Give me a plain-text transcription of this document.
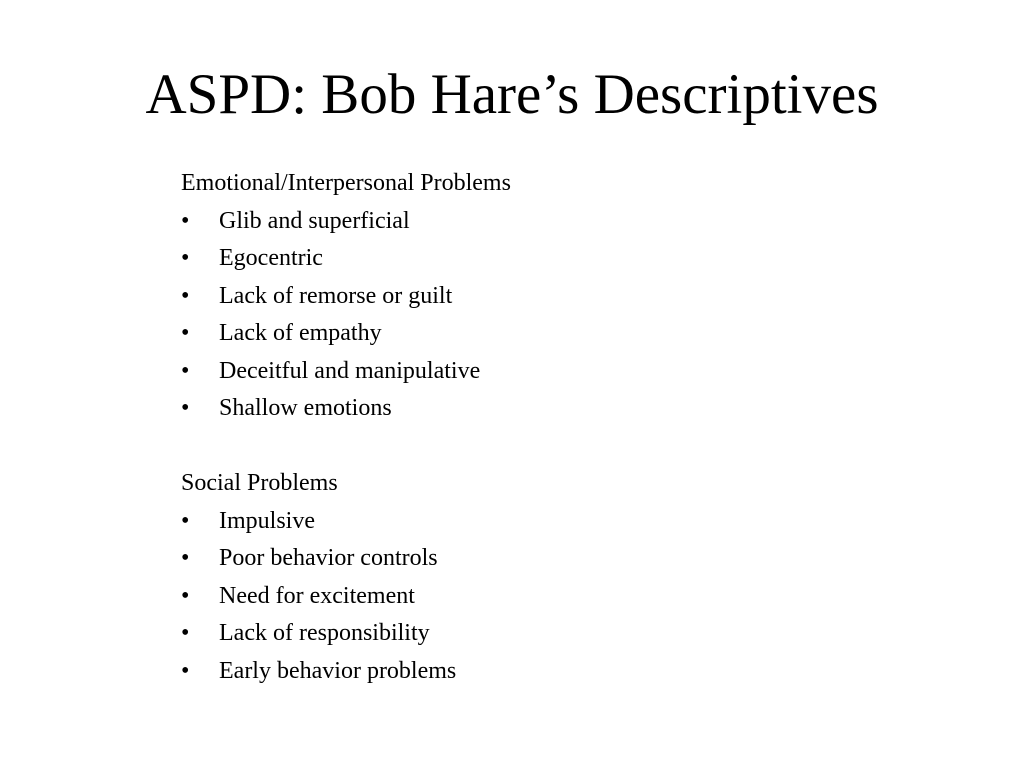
ASPD: Bob Hare’s Descriptives
Emotional/Interpersonal Problems
• Glib and superficial
• Egocentric
• Lack of remorse or guilt
• Lack of empathy
• Deceitful and manipulative
• Shallow emotions
Social Problems
• Impulsive
• Poor behavior controls
• Need for excitement
• Lack of responsibility
• Early behavior problems
